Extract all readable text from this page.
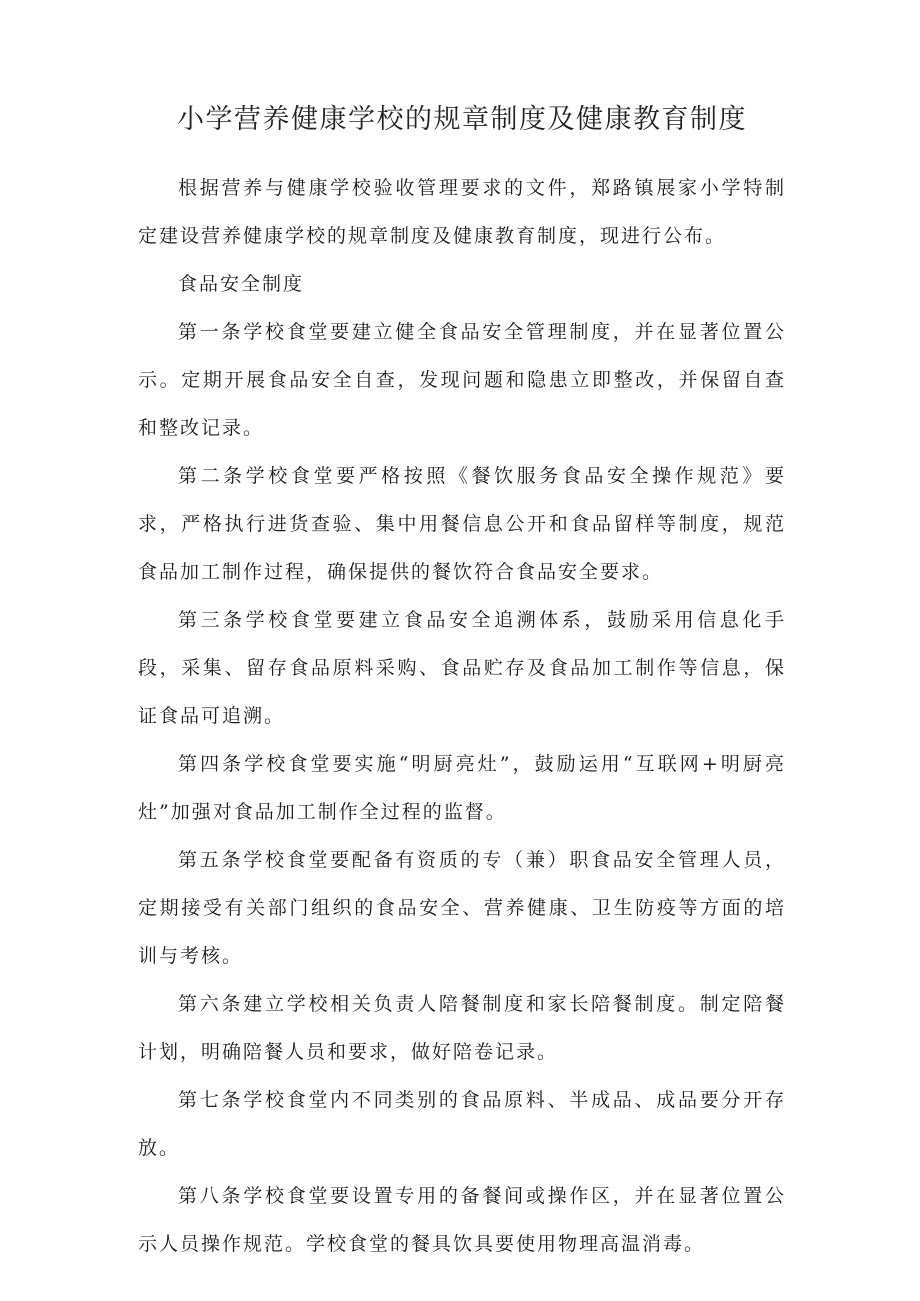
小学营养健康学校的规章制度及健康教育制度

根据营养与健康学校验收管理要求的文件，郑路镇展家小学特制定建设营养健康学校的规章制度及健康教育制度，现进行公布。

食品安全制度

第一条学校食堂要建立健全食品安全管理制度，并在显著位置公示。定期开展食品安全自查，发现问题和隐患立即整改，并保留自查和整改记录。

第二条学校食堂要严格按照《餐饮服务食品安全操作规范》要求，严格执行进货查验、集中用餐信息公开和食品留样等制度，规范食品加工制作过程，确保提供的餐饮符合食品安全要求。

第三条学校食堂要建立食品安全追溯体系，鼓励采用信息化手段，采集、留存食品原料采购、食品贮存及食品加工制作等信息，保证食品可追溯。

第四条学校食堂要实施“明厨亮灶”，鼓励运用“互联网+明厨亮灶”加强对食品加工制作全过程的监督。

第五条学校食堂要配备有资质的专（兼）职食品安全管理人员，定期接受有关部门组织的食品安全、营养健康、卫生防疫等方面的培训与考核。

第六条建立学校相关负责人陪餐制度和家长陪餐制度。制定陪餐计划，明确陪餐人员和要求，做好陪卷记录。

第七条学校食堂内不同类别的食品原料、半成品、成品要分开存放。

第八条学校食堂要设置专用的备餐间或操作区，并在显著位置公示人员操作规范。学校食堂的餐具饮具要使用物理高温消毒。
